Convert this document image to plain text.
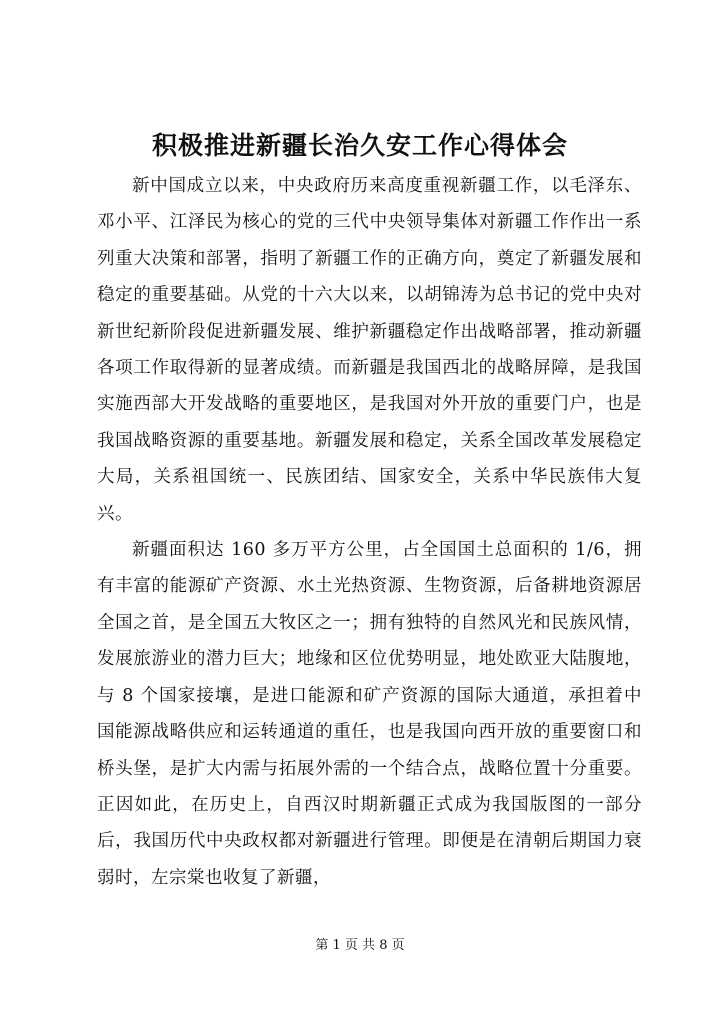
积极推进新疆长治久安工作心得体会

新中国成立以来，中央政府历来高度重视新疆工作，以毛泽东、邓小平、江泽民为核心的党的三代中央领导集体对新疆工作作出一系列重大决策和部署，指明了新疆工作的正确方向，奠定了新疆发展和稳定的重要基础。从党的十六大以来，以胡锦涛为总书记的党中央对新世纪新阶段促进新疆发展、维护新疆稳定作出战略部署，推动新疆各项工作取得新的显著成绩。而新疆是我国西北的战略屏障，是我国实施西部大开发战略的重要地区，是我国对外开放的重要门户，也是我国战略资源的重要基地。新疆发展和稳定，关系全国改革发展稳定大局，关系祖国统一、民族团结、国家安全，关系中华民族伟大复兴。

新疆面积达 160 多万平方公里，占全国国土总面积的 1/6，拥有丰富的能源矿产资源、水土光热资源、生物资源，后备耕地资源居全国之首，是全国五大牧区之一；拥有独特的自然风光和民族风情，发展旅游业的潜力巨大；地缘和区位优势明显，地处欧亚大陆腹地，与 8 个国家接壤，是进口能源和矿产资源的国际大通道，承担着中国能源战略供应和运转通道的重任，也是我国向西开放的重要窗口和桥头堡，是扩大内需与拓展外需的一个结合点，战略位置十分重要。正因如此，在历史上，自西汉时期新疆正式成为我国版图的一部分后，我国历代中央政权都对新疆进行管理。即便是在清朝后期国力衰弱时，左宗棠也收复了新疆，

第 1 页 共 8 页
